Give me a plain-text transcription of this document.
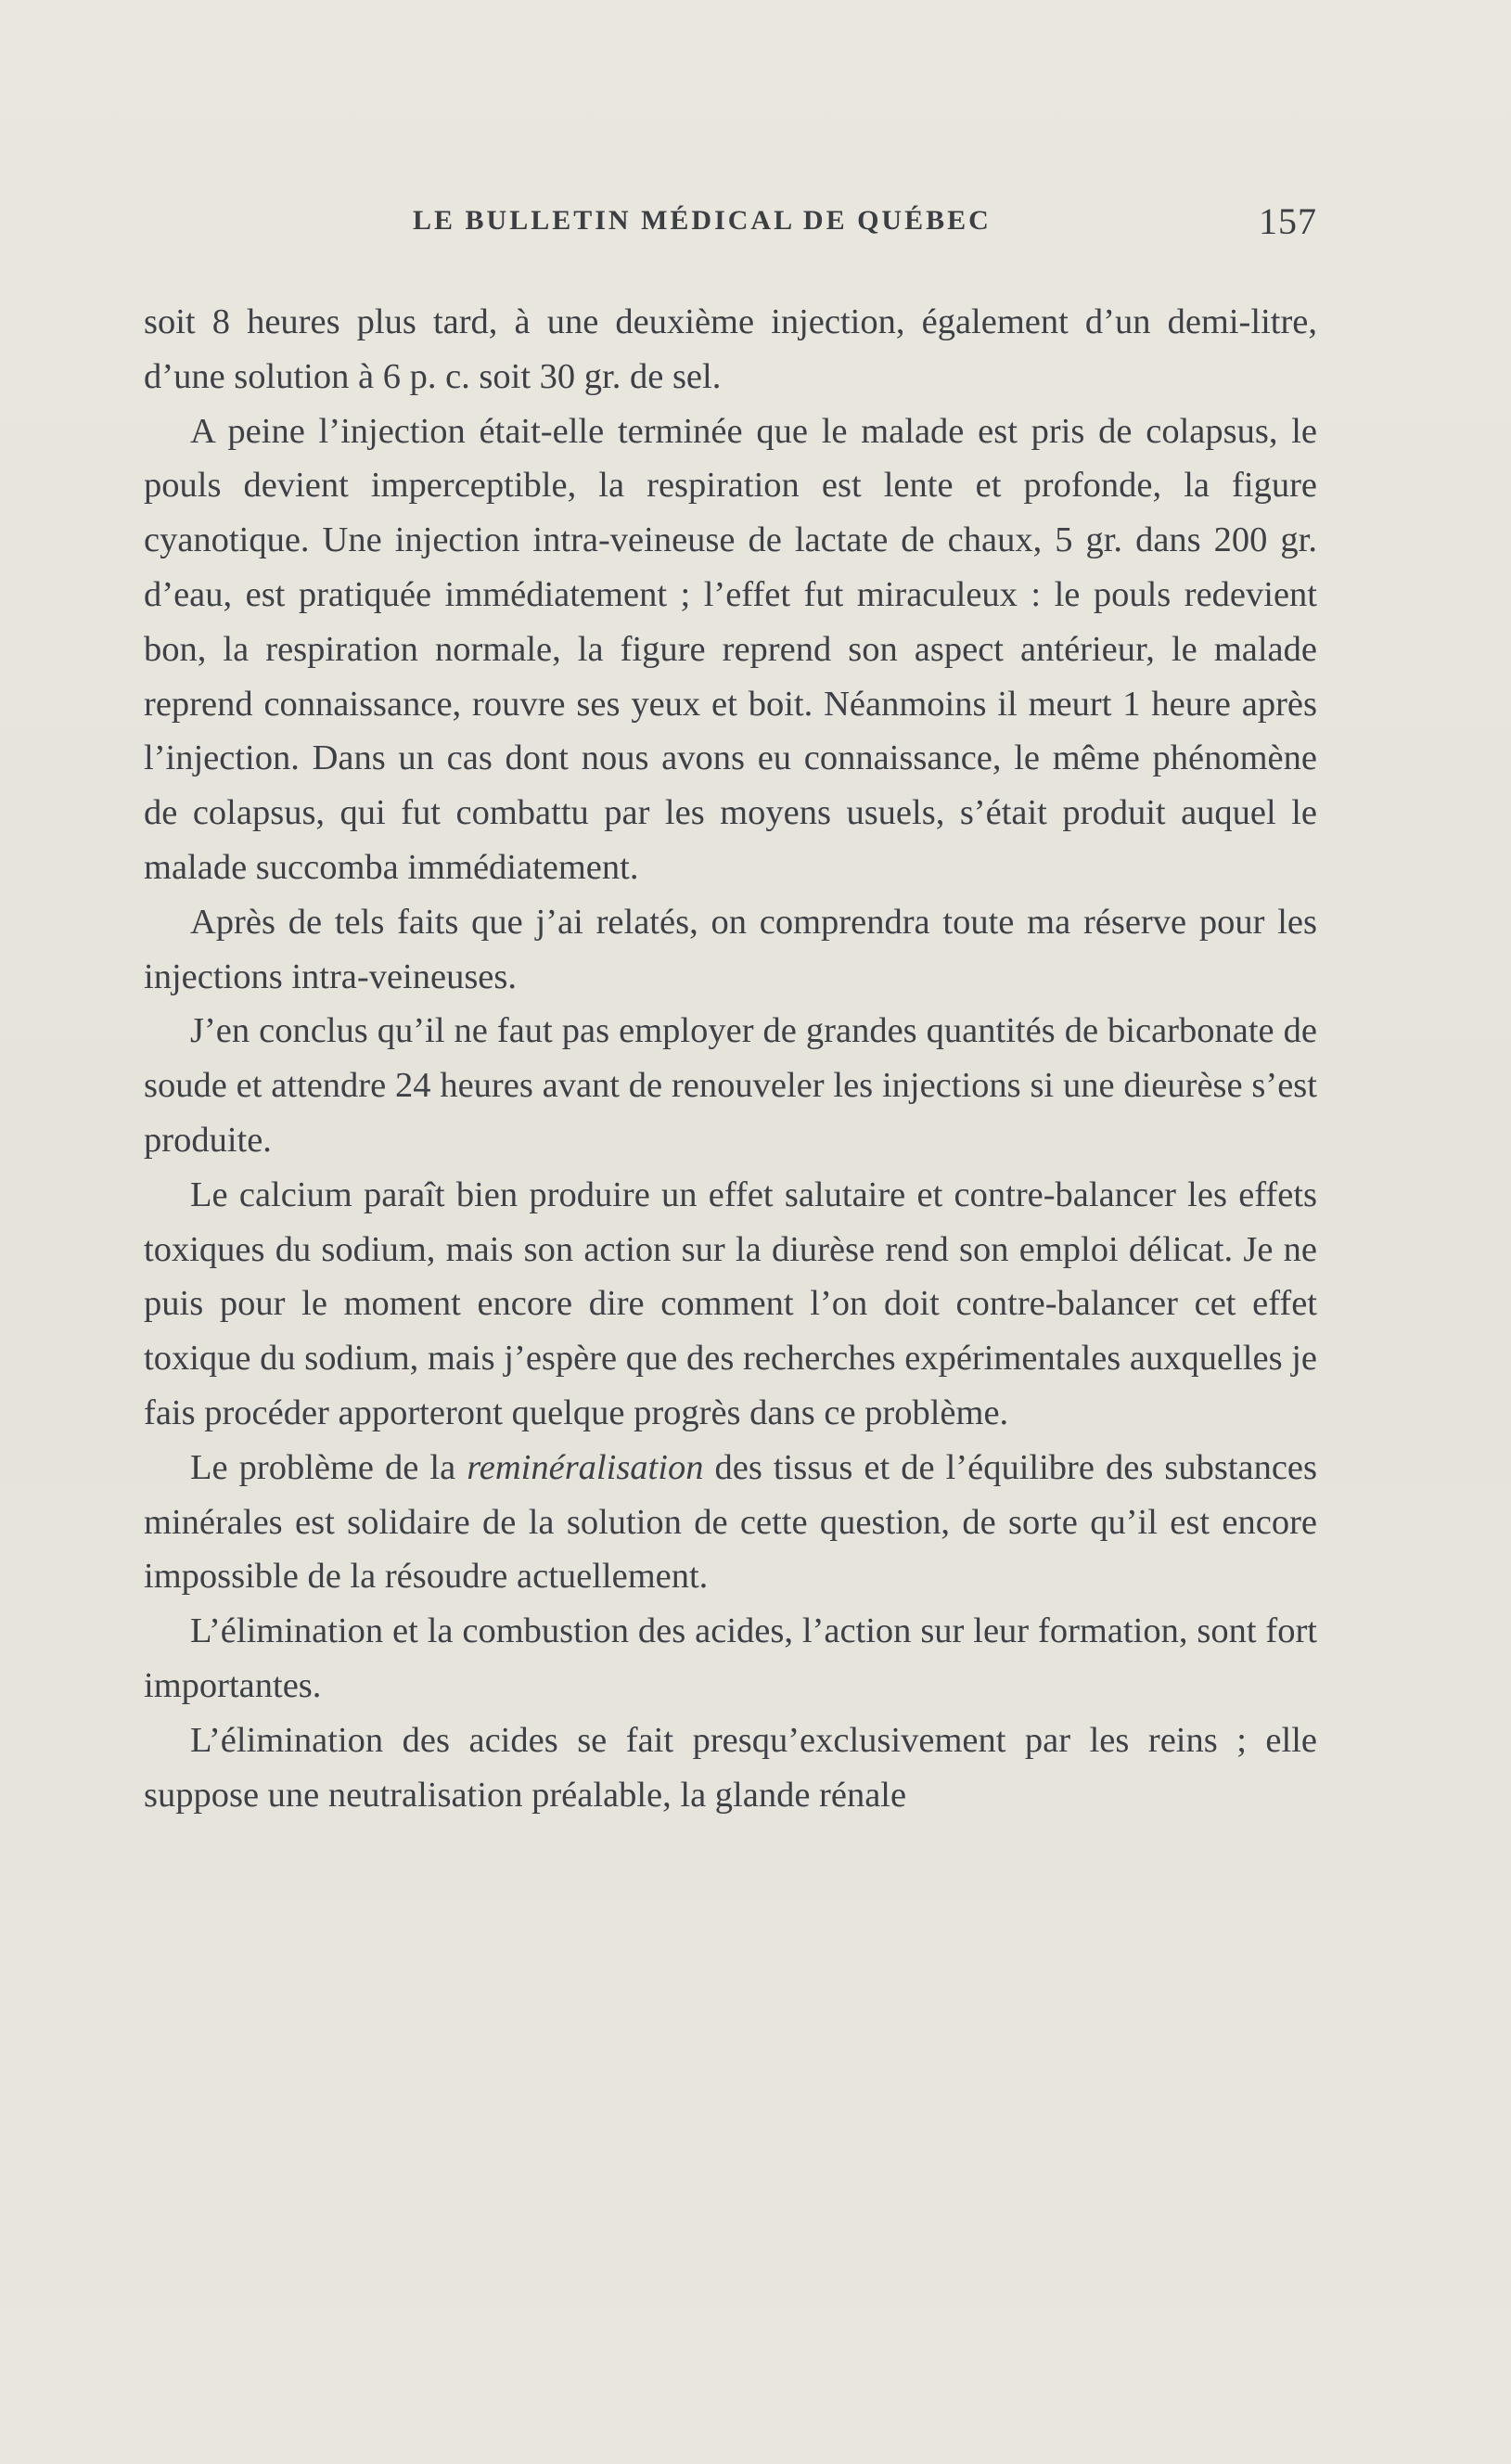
LE BULLETIN MÉDICAL DE QUÉBEC	157

soit 8 heures plus tard, à une deuxième injection, également d’un demi-litre, d’une solution à 6 p. c. soit 30 gr. de sel.

A peine l’injection était-elle terminée que le malade est pris de colapsus, le pouls devient imperceptible, la respiration est lente et profonde, la figure cyanotique. Une injection intra-veineuse de lactate de chaux, 5 gr. dans 200 gr. d’eau, est pratiquée immédiatement ; l’effet fut miraculeux : le pouls redevient bon, la respiration normale, la figure reprend son aspect antérieur, le malade reprend connaissance, rouvre ses yeux et boit. Néanmoins il meurt 1 heure après l’injection. Dans un cas dont nous avons eu connaissance, le même phénomène de colapsus, qui fut combattu par les moyens usuels, s’était produit auquel le malade succomba immédiatement.

Après de tels faits que j’ai relatés, on comprendra toute ma réserve pour les injections intra-veineuses.

J’en conclus qu’il ne faut pas employer de grandes quantités de bicarbonate de soude et attendre 24 heures avant de renouveler les injections si une dieurèse s’est produite.

Le calcium paraît bien produire un effet salutaire et contre-balancer les effets toxiques du sodium, mais son action sur la diurèse rend son emploi délicat. Je ne puis pour le moment encore dire comment l’on doit contre-balancer cet effet toxique du sodium, mais j’espère que des recherches expérimentales auxquelles je fais procéder apporteront quelque progrès dans ce problème.

Le problème de la reminéralisation des tissus et de l’équilibre des substances minérales est solidaire de la solution de cette question, de sorte qu’il est encore impossible de la résoudre actuellement.

L’élimination et la combustion des acides, l’action sur leur formation, sont fort importantes.

L’élimination des acides se fait presqu’exclusivement par les reins ; elle suppose une neutralisation préalable, la glande rénale
